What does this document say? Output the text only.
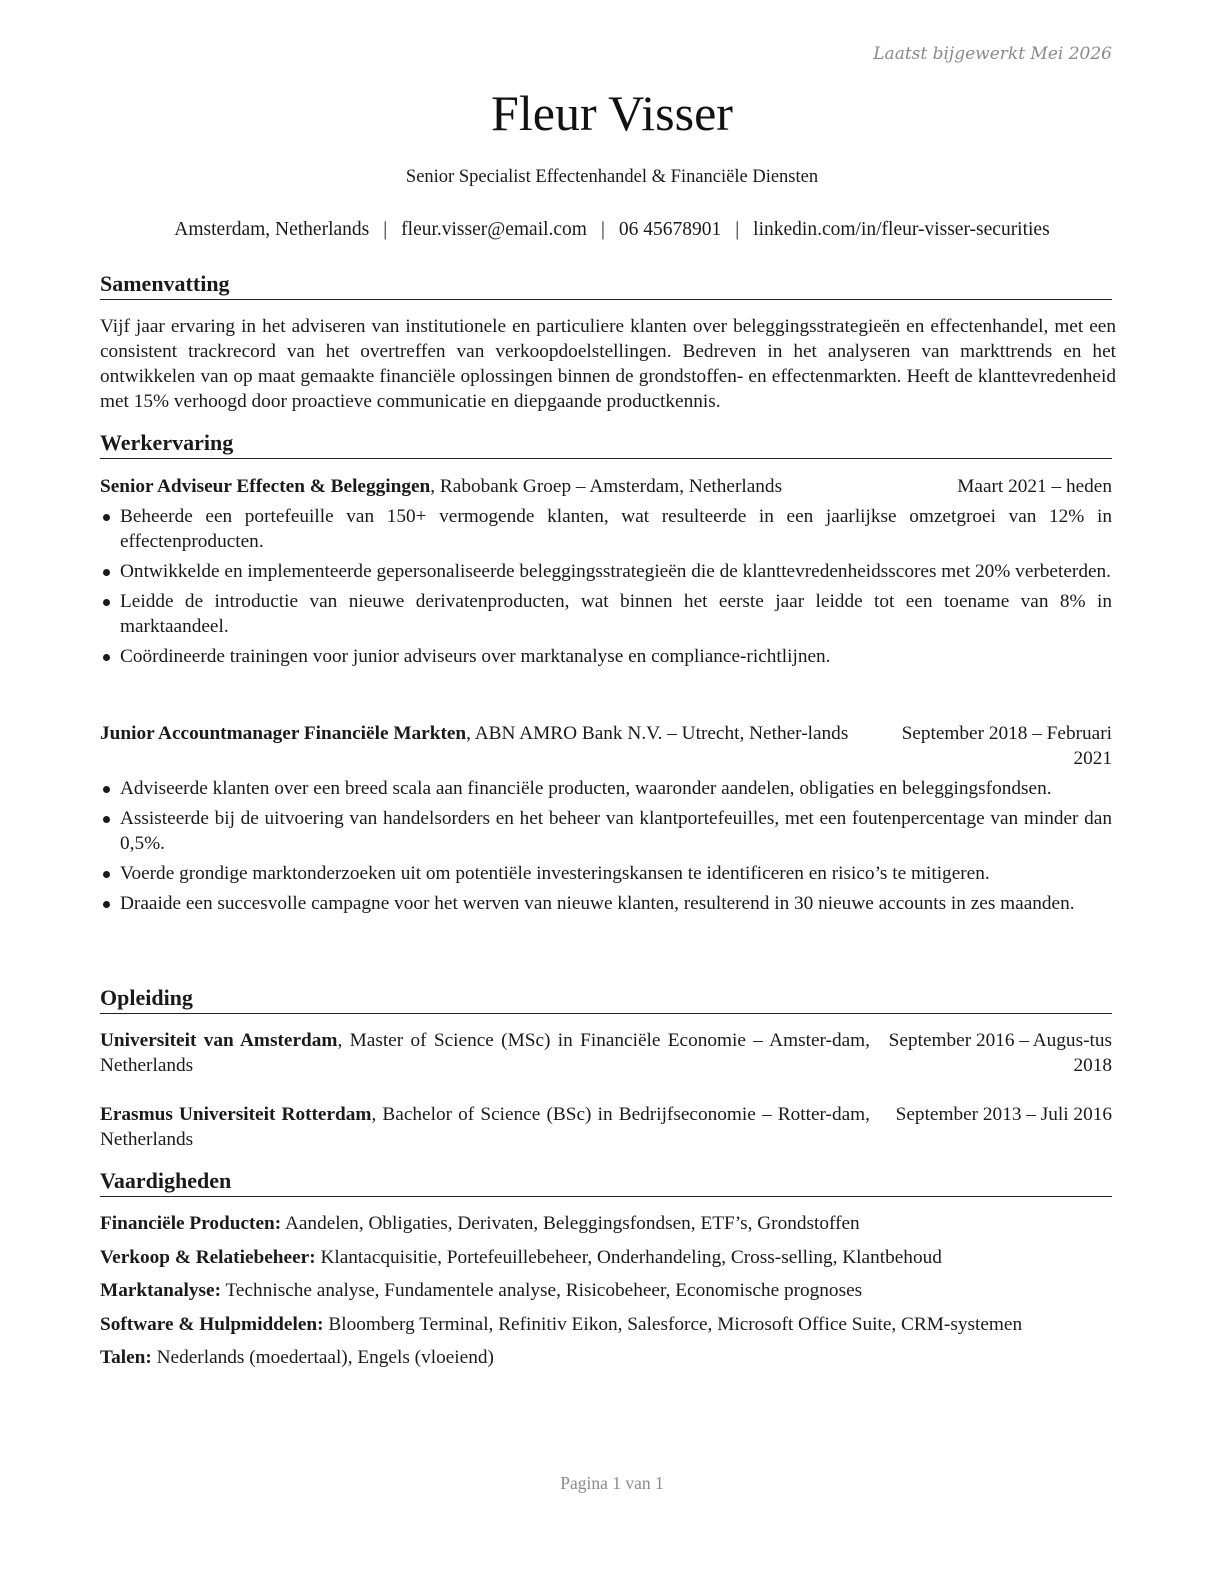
Laatst bijgewerkt Mei 2026
Fleur Visser
Senior Specialist Effectenhandel & Financiële Diensten
Amsterdam, Netherlands | fleur.visser@email.com | 06 45678901 | linkedin.com/in/fleur-visser-securities
Samenvatting
Vijf jaar ervaring in het adviseren van institutionele en particuliere klanten over beleggingsstrategieën en effectenhandel, met een consistent trackrecord van het overtreffen van verkoopdoelstellingen. Bedreven in het analyseren van markttrends en het ontwikkelen van op maat gemaakte financiële oplossingen binnen de grondstoffen- en effectenmarkten. Heeft de klanttevredenheid met 15% verhoogd door proactieve communicatie en diepgaande productkennis.
Werkervaring
Senior Adviseur Effecten & Beleggingen, Rabobank Groep – Amsterdam, Netherlands	Maart 2021 – heden
Beheerde een portefeuille van 150+ vermogende klanten, wat resulteerde in een jaarlijkse omzetgroei van 12% in effectenproducten.
Ontwikkelde en implementeerde gepersonaliseerde beleggingsstrategieën die de klanttevredenheidsscores met 20% verbeterden.
Leidde de introductie van nieuwe derivatenproducten, wat binnen het eerste jaar leidde tot een toename van 8% in marktaandeel.
Coördineerde trainingen voor junior adviseurs over marktanalyse en compliance-richtlijnen.
Junior Accountmanager Financiële Markten, ABN AMRO Bank N.V. – Utrecht, Nether-lands	September 2018 – Februari 2021
Adviseerde klanten over een breed scala aan financiële producten, waaronder aandelen, obligaties en beleggingsfondsen.
Assisteerde bij de uitvoering van handelsorders en het beheer van klantportefeuilles, met een foutenpercentage van minder dan 0,5%.
Voerde grondige marktonderzoeken uit om potentiële investeringskansen te identificeren en risico’s te mitigeren.
Draaide een succesvolle campagne voor het werven van nieuwe klanten, resulterend in 30 nieuwe accounts in zes maanden.
Opleiding
Universiteit van Amsterdam, Master of Science (MSc) in Financiële Economie – Amster-dam, Netherlands
September 2016 – Augus-tus 2018
Erasmus Universiteit Rotterdam, Bachelor of Science (BSc) in Bedrijfseconomie – Rotter-dam, Netherlands
September 2013 – Juli 2016
Vaardigheden
Financiële Producten: Aandelen, Obligaties, Derivaten, Beleggingsfondsen, ETF’s, Grondstoffen
Verkoop & Relatiebeheer: Klantacquisitie, Portefeuillebeheer, Onderhandeling, Cross-selling, Klantbehoud
Marktanalyse: Technische analyse, Fundamentele analyse, Risicobeheer, Economische prognoses
Software & Hulpmiddelen: Bloomberg Terminal, Refinitiv Eikon, Salesforce, Microsoft Office Suite, CRM-systemen
Talen: Nederlands (moedertaal), Engels (vloeiend)
Pagina 1 van 1
